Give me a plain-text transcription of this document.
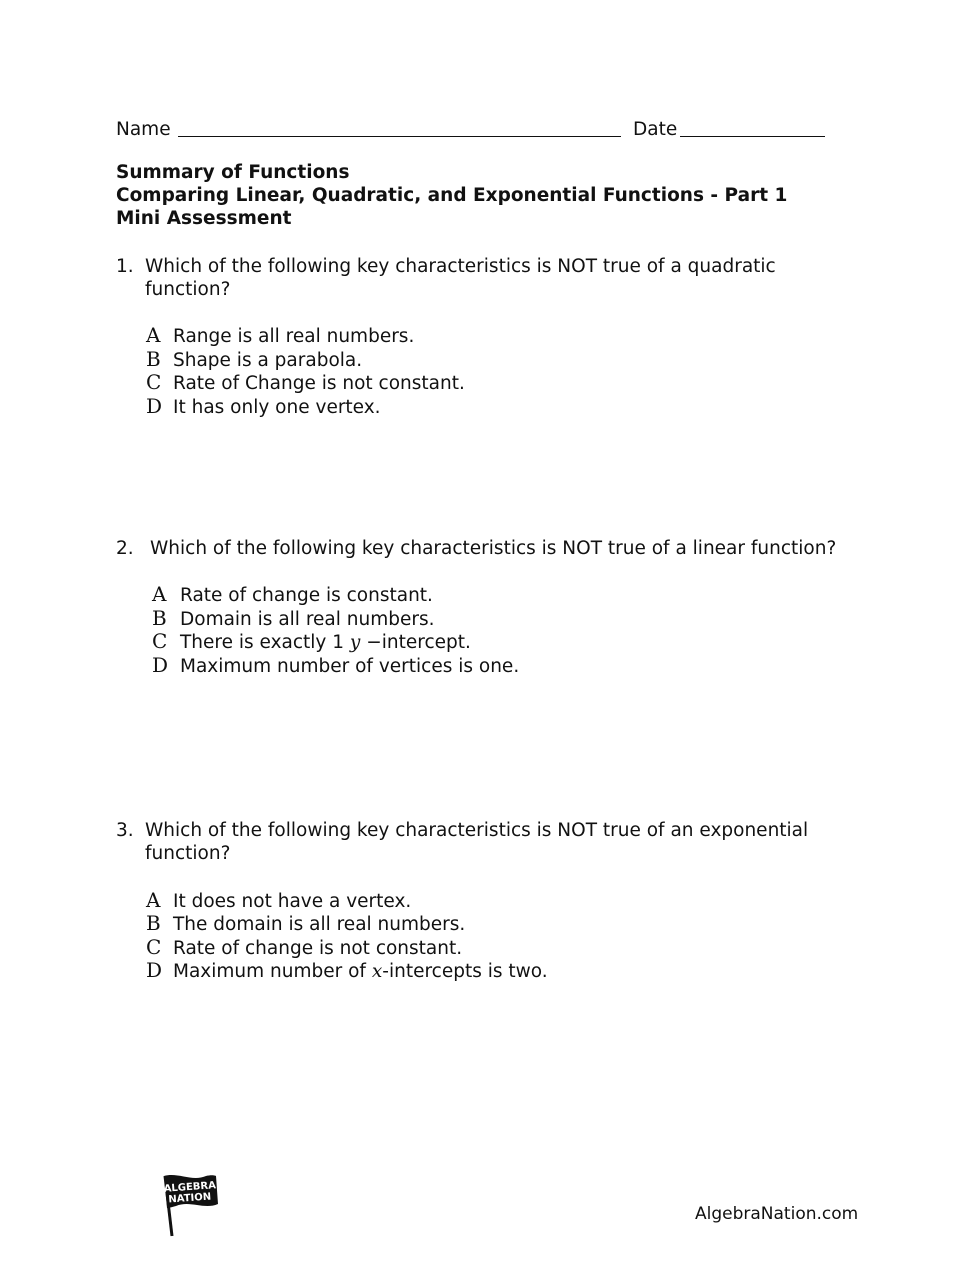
Name	Date
Summary of Functions
Comparing Linear, Quadratic, and Exponential Functions - Part 1
Mini Assessment
1. Which of the following key characteristics is NOT true of a quadratic
function?
A Range is all real numbers.
B Shape is a parabola.
C Rate of Change is not constant.
D It has only one vertex.
2. Which of the following key characteristics is NOT true of a linear function?
A Rate of change is constant.
B Domain is all real numbers.
C There is exactly 1 y −intercept.
D Maximum number of vertices is one.
3. Which of the following key characteristics is NOT true of an exponential
function?
A It does not have a vertex.
B The domain is all real numbers.
C Rate of change is not constant.
D Maximum number of x-intercepts is two.
ALGEBRA
NATION
AlgebraNation.com
